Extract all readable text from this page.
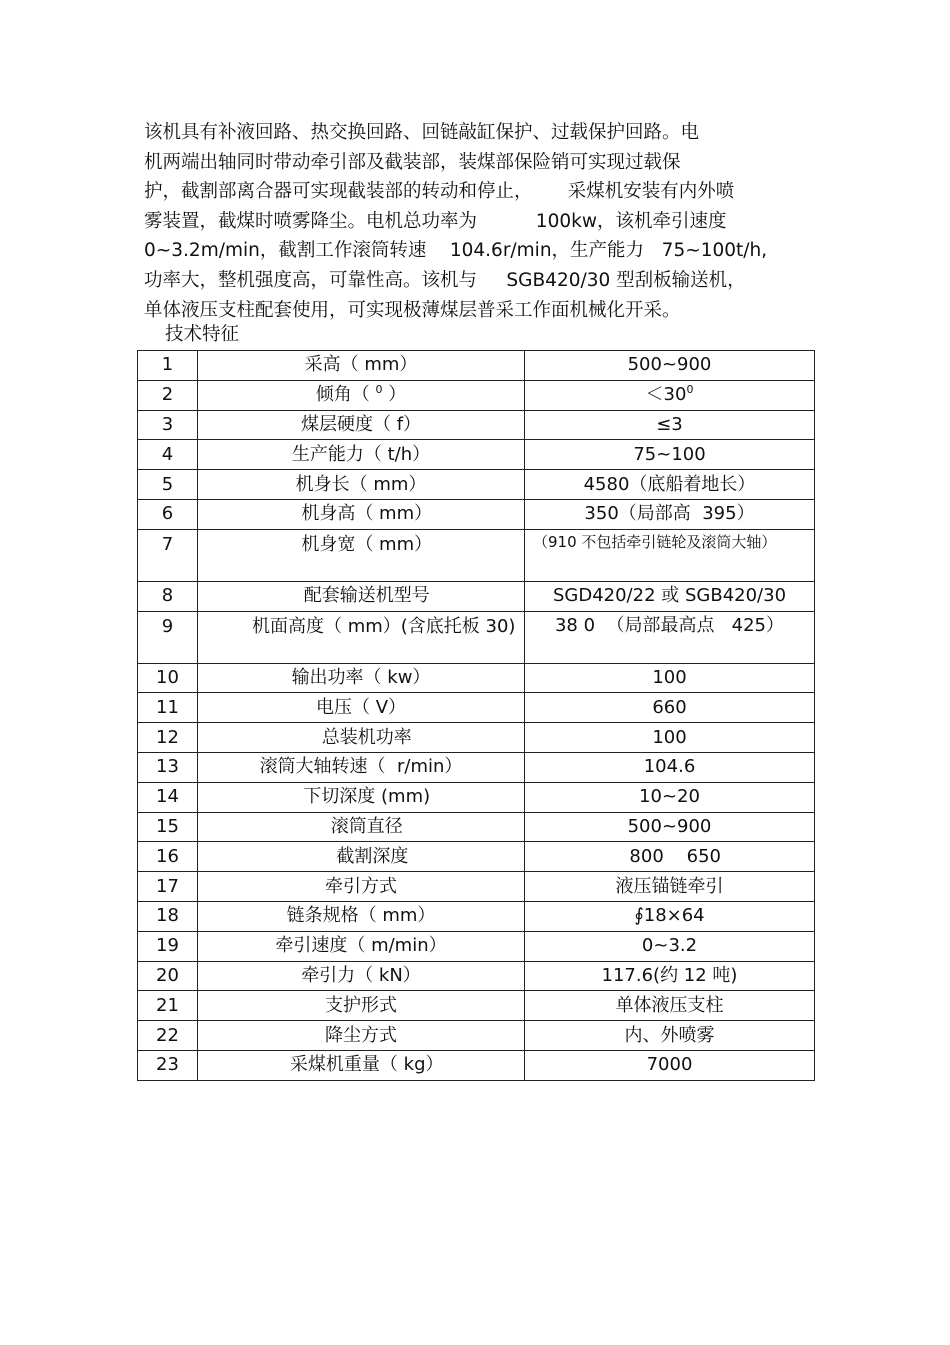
该机具有补液回路、热交换回路、回链敲缸保护、过载保护回路。电
机两端出轴同时带动牵引部及截装部，装煤部保险销可实现过载保
护，截割部离合器可实现截装部的转动和停止，      采煤机安装有内外喷
雾装置，截煤时喷雾降尘。电机总功率为          100kw，该机牵引速度
0~3.2m/min，截割工作滚筒转速    104.6r/min，生产能力   75~100t/h,
功率大，整机强度高，可靠性高。该机与     SGB420/30 型刮板输送机，
单体液压支柱配套使用，可实现极薄煤层普采工作面机械化开采。
技术特征
1	采高（ mm）	500~900
2	倾角（ $^0$ ）	$<30^0$
3	煤层硬度（ f）	≤3
4	生产能力（ t/h）	75~100
5	机身长（ mm）	4580（底船着地长）
6	机身高（ mm）	350（局部高  395）
7	机身宽（ mm）	（910 不包括牵引链轮及滚筒大轴）
8	配套输送机型号	SGD420/22 或 SGB420/30
9	机面高度（ mm）(含底托板 30)	38 0  （局部最高点   425）
10	输出功率（ kw）	100
11	电压（ V）	660
12	总装机功率	100
13	滚筒大轴转速（  r/min）	104.6
14	下切深度 (mm)	10~20
15	滚筒直径	500~900
16	截割深度	800    650
17	牵引方式	液压锚链牵引
18	链条规格（ mm）	∮18×64
19	牵引速度（ m/min）	0~3.2
20	牵引力（ kN）	117.6(约 12 吨)
21	支护形式	单体液压支柱
22	降尘方式	内、外喷雾
23	采煤机重量（ kg）	7000
